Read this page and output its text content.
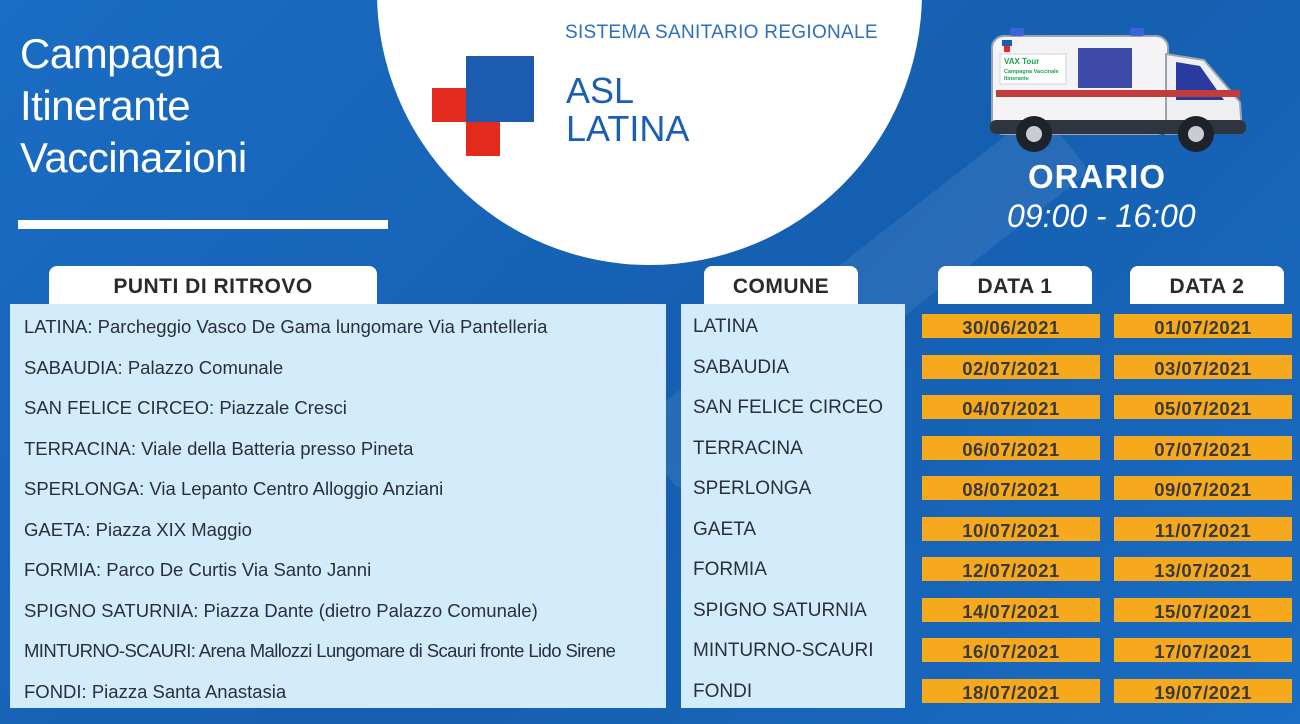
Campagna
Itinerante
Vaccinazioni
SISTEMA SANITARIO REGIONALE
ASL
LATINA
VAX Tour
Campagna Vaccinale
Itinerante
ORARIO
09:00 - 16:00
PUNTI DI RITROVO	COMUNE	DATA 1	DATA 2
LATINA: Parcheggio Vasco De Gama lungomare Via Pantelleria	LATINA	30/06/2021	01/07/2021
SABAUDIA: Palazzo Comunale	SABAUDIA	02/07/2021	03/07/2021
SAN FELICE CIRCEO: Piazzale Cresci	SAN FELICE CIRCEO	04/07/2021	05/07/2021
TERRACINA: Viale della Batteria presso Pineta	TERRACINA	06/07/2021	07/07/2021
SPERLONGA: Via Lepanto Centro Alloggio Anziani	SPERLONGA	08/07/2021	09/07/2021
GAETA: Piazza XIX Maggio	GAETA	10/07/2021	11/07/2021
FORMIA: Parco De Curtis Via Santo Janni	FORMIA	12/07/2021	13/07/2021
SPIGNO SATURNIA: Piazza Dante (dietro Palazzo Comunale)	SPIGNO SATURNIA	14/07/2021	15/07/2021
MINTURNO-SCAURI: Arena Mallozzi Lungomare di Scauri fronte Lido Sirene	MINTURNO-SCAURI	16/07/2021	17/07/2021
FONDI: Piazza Santa Anastasia	FONDI	18/07/2021	19/07/2021
